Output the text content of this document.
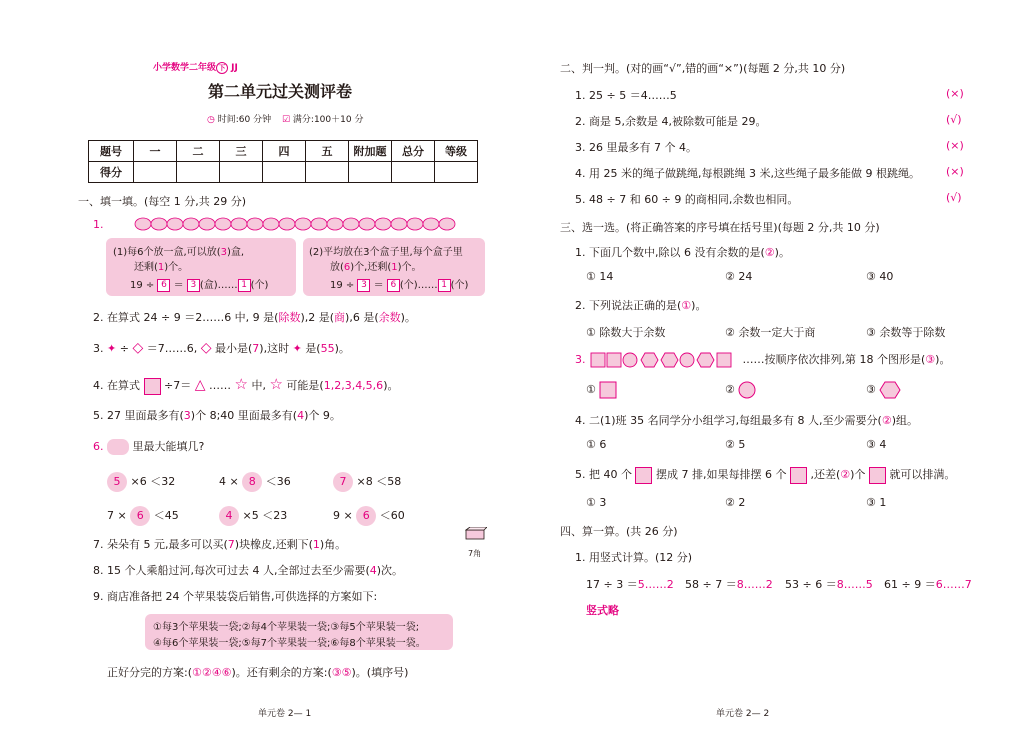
小学数学二年级 下 JJ
第二单元过关测评卷
◷ 时间:60 分钟 ☑ 满分:100＋10 分
题号	一	二	三	四	五	附加题	总分	等级
得分								
一、填一填。(每空 1 分,共 29 分)
1.
(1)每6个放一盒,可以放(3)盒,
还剩(1)个。
19 ÷ 6 ＝ 3 (盒)…… 1 (个)
(2)平均放在3个盒子里,每个盒子里
放(6)个,还剩(1)个。
19 ÷ 3 ＝ 6 (个)…… 1 (个)
2. 在算式 24 ÷ 9 ＝2……6 中, 9 是(除数),2 是(商),6 是(余数)。
3. ✦ ÷ ◇ ＝7……6, ◇ 最小是(7),这时 ✦ 是(55)。
4. 在算式 ÷7＝ △ …… ☆ 中, ☆ 可能是(1,2,3,4,5,6)。
5. 27 里面最多有(3)个 8;40 里面最多有(4)个 9。
6.	里最大能填几?
5 ×6 ＜32	4 × 8 ＜36	7 ×8 ＜58
7 × 6 ＜45	4 ×5 ＜23	9 × 6 ＜60
7. 朵朵有 5 元,最多可以买(7)块橡皮,还剩下(1)角。
7角
8. 15 个人乘船过河,每次可过去 4 人,全部过去至少需要(4)次。
9. 商店准备把 24 个苹果装袋后销售,可供选择的方案如下:
①每3个苹果装一袋;②每4个苹果装一袋;③每5个苹果装一袋;
④每6个苹果装一袋;⑤每7个苹果装一袋;⑥每8个苹果装一袋。
正好分完的方案:(①②④⑥)。还有剩余的方案:(③⑤)。(填序号)
单元卷 2— 1
二、判一判。(对的画“√”,错的画“×”)(每题 2 分,共 10 分)
1. 25 ÷ 5 ＝4……5	(×)
2. 商是 5,余数是 4,被除数可能是 29。	(√)
3. 26 里最多有 7 个 4。	(×)
4. 用 25 米的绳子做跳绳,每根跳绳 3 米,这些绳子最多能做 9 根跳绳。 (×)
5. 48 ÷ 7 和 60 ÷ 9 的商相同,余数也相同。	(√)
三、选一选。(将正确答案的序号填在括号里)(每题 2 分,共 10 分)
1. 下面几个数中,除以 6 没有余数的是(②)。
① 14	② 24	③ 40
2. 下列说法正确的是(①)。
① 除数大于余数	② 余数一定大于商	③ 余数等于除数
3.	……按顺序依次排列,第 18 个图形是(③)。
①	②	③
4. 二(1)班 35 名同学分小组学习,每组最多有 8 人,至少需要分(②)组。
① 6	② 5	③ 4
5. 把 40 个 摆成 7 排,如果每排摆 6 个 ,还差(②)个 就可以排满。
① 3	② 2	③ 1
四、算一算。(共 26 分)
1. 用竖式计算。(12 分)
17 ÷ 3 ＝5……2 58 ÷ 7 ＝8……2 53 ÷ 6 ＝8……5 61 ÷ 9 ＝6……7
竖式略
单元卷 2— 2
